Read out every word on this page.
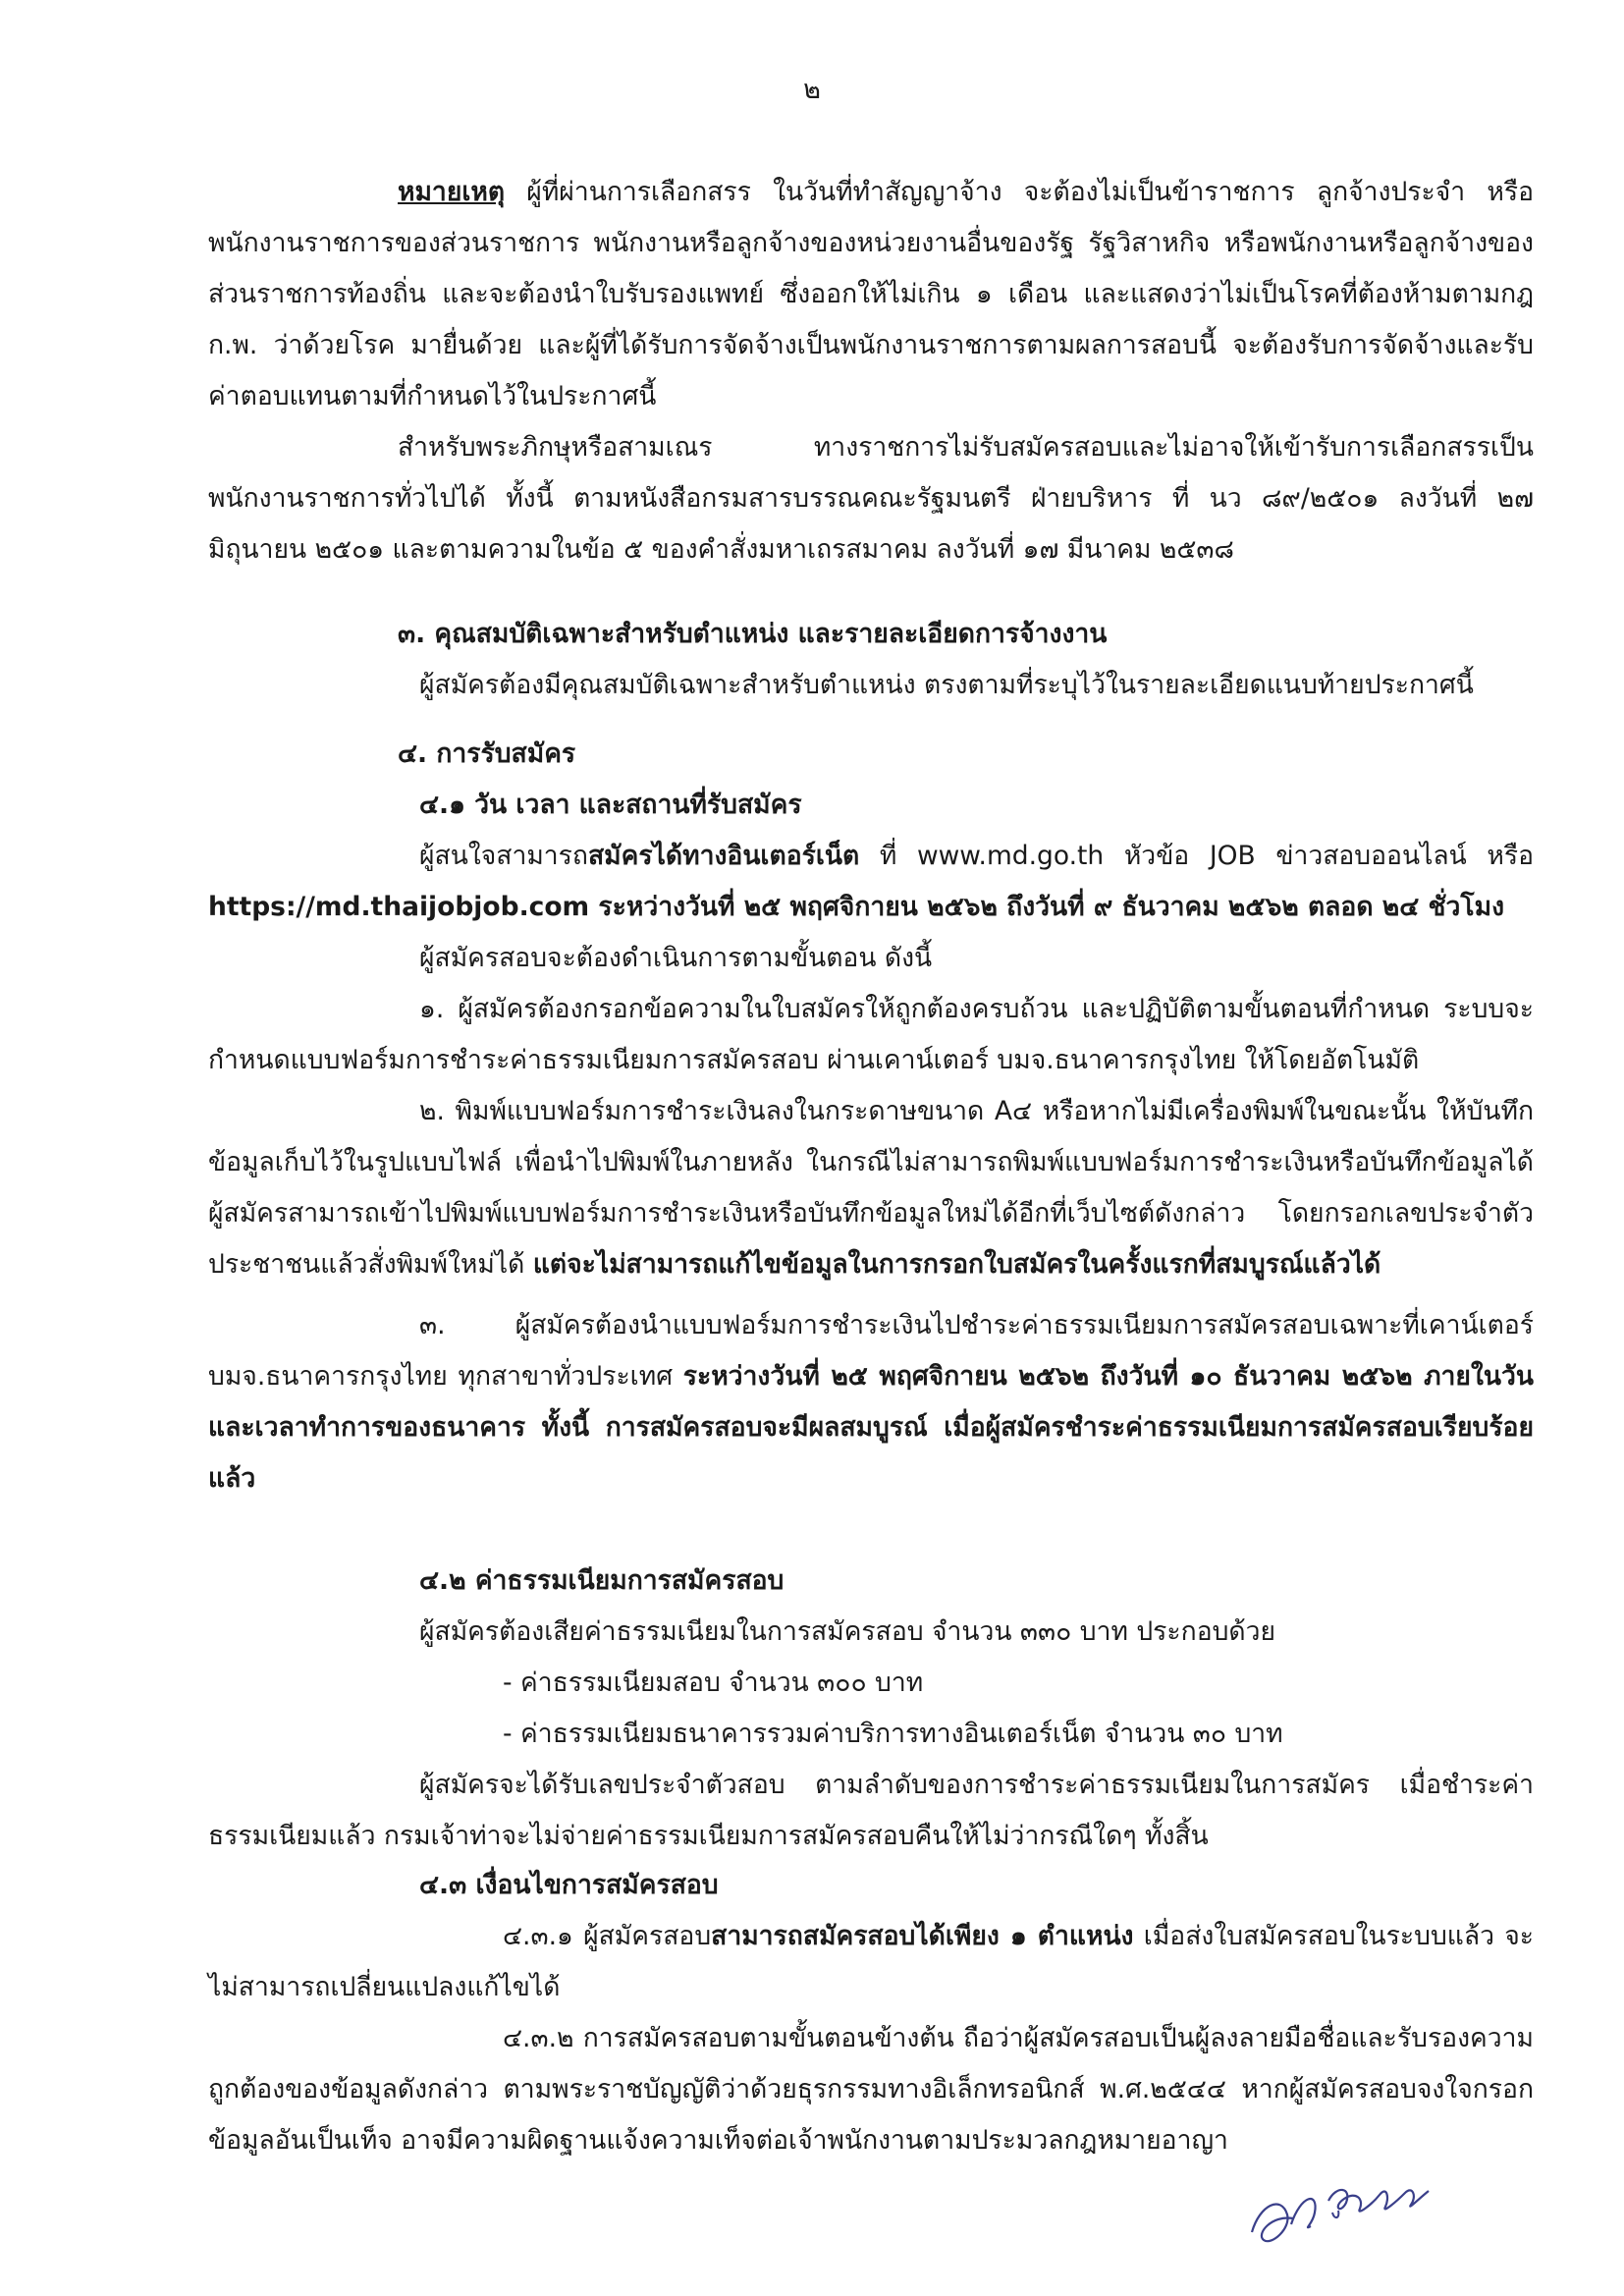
๒

หมายเหตุ ผู้ที่ผ่านการเลือกสรร ในวันที่ทำสัญญาจ้าง จะต้องไม่เป็นข้าราชการ ลูกจ้างประจำ หรือพนักงานราชการของส่วนราชการ พนักงานหรือลูกจ้างของหน่วยงานอื่นของรัฐ รัฐวิสาหกิจ หรือพนักงานหรือลูกจ้างของส่วนราชการท้องถิ่น และจะต้องนำใบรับรองแพทย์ ซึ่งออกให้ไม่เกิน ๑ เดือน และแสดงว่าไม่เป็นโรคที่ต้องห้ามตามกฎ ก.พ. ว่าด้วยโรค มายื่นด้วย และผู้ที่ได้รับการจัดจ้างเป็นพนักงานราชการตามผลการสอบนี้ จะต้องรับการจัดจ้างและรับค่าตอบแทนตามที่กำหนดไว้ในประกาศนี้

สำหรับพระภิกษุหรือสามเณร ทางราชการไม่รับสมัครสอบและไม่อาจให้เข้ารับการเลือกสรรเป็นพนักงานราชการทั่วไปได้ ทั้งนี้ ตามหนังสือกรมสารบรรณคณะรัฐมนตรี ฝ่ายบริหาร ที่ นว ๘๙/๒๕๐๑ ลงวันที่ ๒๗ มิถุนายน ๒๕๐๑ และตามความในข้อ ๕ ของคำสั่งมหาเถรสมาคม ลงวันที่ ๑๗ มีนาคม ๒๕๓๘

๓. คุณสมบัติเฉพาะสำหรับตำแหน่ง และรายละเอียดการจ้างงาน

ผู้สมัครต้องมีคุณสมบัติเฉพาะสำหรับตำแหน่ง ตรงตามที่ระบุไว้ในรายละเอียดแนบท้ายประกาศนี้

๔. การรับสมัคร

๔.๑ วัน เวลา และสถานที่รับสมัคร

ผู้สนใจสามารถสมัครได้ทางอินเตอร์เน็ต ที่ www.md.go.th หัวข้อ JOB ข่าวสอบออนไลน์ หรือ https://md.thaijobjob.com ระหว่างวันที่ ๒๕ พฤศจิกายน ๒๕๖๒ ถึงวันที่ ๙ ธันวาคม ๒๕๖๒ ตลอด ๒๔ ชั่วโมง

ผู้สมัครสอบจะต้องดำเนินการตามขั้นตอน ดังนี้

๑. ผู้สมัครต้องกรอกข้อความในใบสมัครให้ถูกต้องครบถ้วน และปฏิบัติตามขั้นตอนที่กำหนด ระบบจะกำหนดแบบฟอร์มการชำระค่าธรรมเนียมการสมัครสอบ ผ่านเคาน์เตอร์ บมจ.ธนาคารกรุงไทย ให้โดยอัตโนมัติ

๒. พิมพ์แบบฟอร์มการชำระเงินลงในกระดาษขนาด A๔ หรือหากไม่มีเครื่องพิมพ์ในขณะนั้น ให้บันทึกข้อมูลเก็บไว้ในรูปแบบไฟล์ เพื่อนำไปพิมพ์ในภายหลัง ในกรณีไม่สามารถพิมพ์แบบฟอร์มการชำระเงินหรือบันทึกข้อมูลได้ ผู้สมัครสามารถเข้าไปพิมพ์แบบฟอร์มการชำระเงินหรือบันทึกข้อมูลใหม่ได้อีกที่เว็บไซต์ดังกล่าว โดยกรอกเลขประจำตัวประชาชนแล้วสั่งพิมพ์ใหม่ได้ แต่จะไม่สามารถแก้ไขข้อมูลในการกรอกใบสมัครในครั้งแรกที่สมบูรณ์แล้วได้

๓. ผู้สมัครต้องนำแบบฟอร์มการชำระเงินไปชำระค่าธรรมเนียมการสมัครสอบเฉพาะที่เคาน์เตอร์ บมจ.ธนาคารกรุงไทย ทุกสาขาทั่วประเทศ ระหว่างวันที่ ๒๕ พฤศจิกายน ๒๕๖๒ ถึงวันที่ ๑๐ ธันวาคม ๒๕๖๒ ภายในวันและเวลาทำการของธนาคาร ทั้งนี้ การสมัครสอบจะมีผลสมบูรณ์ เมื่อผู้สมัครชำระค่าธรรมเนียมการสมัครสอบเรียบร้อยแล้ว

๔.๒ ค่าธรรมเนียมการสมัครสอบ

ผู้สมัครต้องเสียค่าธรรมเนียมในการสมัครสอบ จำนวน ๓๓๐ บาท ประกอบด้วย

- ค่าธรรมเนียมสอบ จำนวน ๓๐๐ บาท

- ค่าธรรมเนียมธนาคารรวมค่าบริการทางอินเตอร์เน็ต จำนวน ๓๐ บาท

ผู้สมัครจะได้รับเลขประจำตัวสอบ ตามลำดับของการชำระค่าธรรมเนียมในการสมัคร เมื่อชำระค่าธรรมเนียมแล้ว กรมเจ้าท่าจะไม่จ่ายค่าธรรมเนียมการสมัครสอบคืนให้ไม่ว่ากรณีใดๆ ทั้งสิ้น

๔.๓ เงื่อนไขการสมัครสอบ

๔.๓.๑ ผู้สมัครสอบสามารถสมัครสอบได้เพียง ๑ ตำแหน่ง เมื่อส่งใบสมัครสอบในระบบแล้ว จะไม่สามารถเปลี่ยนแปลงแก้ไขได้

๔.๓.๒ การสมัครสอบตามขั้นตอนข้างต้น ถือว่าผู้สมัครสอบเป็นผู้ลงลายมือชื่อและรับรองความถูกต้องของข้อมูลดังกล่าว ตามพระราชบัญญัติว่าด้วยธุรกรรมทางอิเล็กทรอนิกส์ พ.ศ.๒๕๔๔ หากผู้สมัครสอบจงใจกรอกข้อมูลอันเป็นเท็จ อาจมีความผิดฐานแจ้งความเท็จต่อเจ้าพนักงานตามประมวลกฎหมายอาญา
